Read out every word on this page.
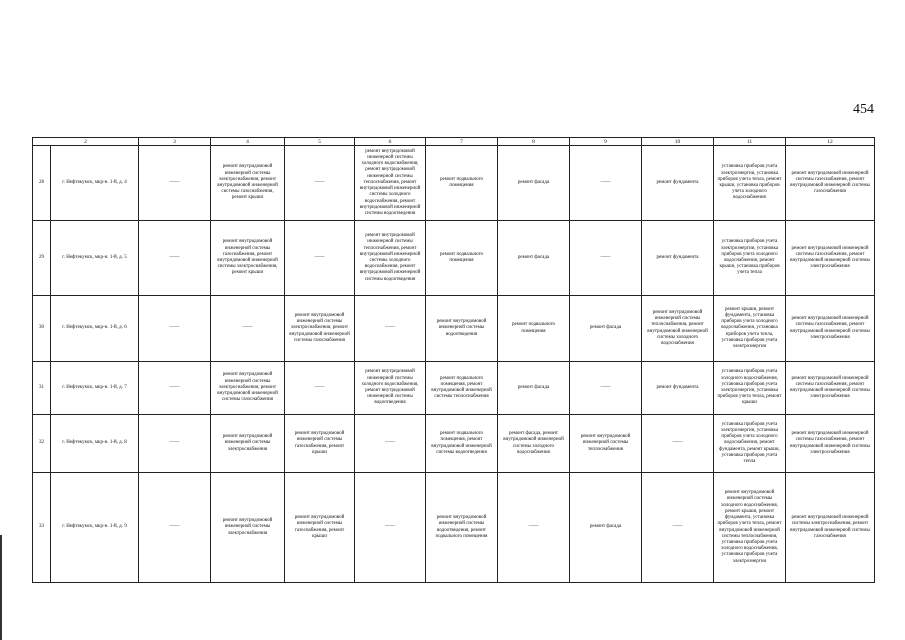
454
2		3	4	5	6	7	8	9	10	11	12
28	г. Нефтекумск, мкр-н. 1-й, д. 4	——	ремонт внутридомовой инженерной системы электроснабжения, ремонт внутридомовой инженерной системы газоснабжения, ремонт крыши	——	ремонт внутридомовой инженерной системы холодного водоснабжения, ремонт внутридомовой инженерной системы теплоснабжения, ремонт внутридомовой инженерной системы холодного водоснабжения, ремонт внутридомовой инженерной системы водоотведения	ремонт подвального помещения	ремонт фасада	——	ремонт фундамента	установка приборов учета электроэнергии, установка приборов учета тепла, ремонт крыши, установка приборов учета холодного водоснабжения	ремонт внутридомовой инженерной системы газоснабжения, ремонт внутридомовой инженерной системы газоснабжения
29	г. Нефтекумск, мкр-н. 1-й, д. 5	——	ремонт внутридомовой инженерной системы газоснабжения, ремонт внутридомовой инженерной системы электроснабжения, ремонт крыши	——	ремонт внутридомовой инженерной системы теплоснабжения, ремонт внутридомовой инженерной системы холодного водоснабжения, ремонт внутридомовой инженерной системы водоотведения	ремонт подвального помещения	ремонт фасада	——	ремонт фундамента	установка приборов учета электроэнергии, установка приборов учета холодного водоснабжения, ремонт крыши, установка приборов учета тепла	ремонт внутридомовой инженерной системы газоснабжения, ремонт внутридомовой инженерной системы электроснабжения
30	г. Нефтекумск, мкр-н. 1-й, д. 6	——	——	ремонт внутридомовой инженерной системы электроснабжения, ремонт внутридомовой инженерной системы газоснабжения	——	ремонт внутридомовой инженерной системы водоотведения	ремонт подвального помещения	ремонт фасада	ремонт внутридомовой инженерной системы теплоснабжения, ремонт внутридомовой инженерной системы холодного водоснабжения	ремонт крыши, ремонт фундамента, установка приборов учета холодного водоснабжения, установка приборов учета тепла, установка приборов учета электроэнергии	ремонт внутридомовой инженерной системы газоснабжения, ремонт внутридомовой инженерной системы электроснабжения
31	г. Нефтекумск, мкр-н. 1-й, д. 7	——	ремонт внутридомовой инженерной системы электроснабжения, ремонт внутридомовой инженерной системы газоснабжения	——	ремонт внутридомовой инженерной системы холодного водоснабжения, ремонт внутридомовой инженерной системы водоотведения	ремонт подвального помещения, ремонт внутридомовой инженерной системы теплоснабжения	ремонт фасада	——	ремонт фундамента	установка приборов учета холодного водоснабжения, установка приборов учета электроэнергии, установка приборов учета тепла, ремонт крыши	ремонт внутридомовой инженерной системы газоснабжения, ремонт внутридомовой инженерной системы электроснабжения
32	г. Нефтекумск, мкр-н. 1-й, д. 8	——	ремонт внутридомовой инженерной системы электроснабжения	ремонт внутридомовой инженерной системы газоснабжения, ремонт крыши	——	ремонт подвального помещения, ремонт внутридомовой инженерной системы водоотведения	ремонт фасада, ремонт внутридомовой инженерной системы холодного водоснабжения	ремонт внутридомовой инженерной системы теплоснабжения	——	установка приборов учета электроэнергии, установка приборов учета холодного водоснабжения, ремонт фундамента, ремонт крыши, установка приборов учета тепла	ремонт внутридомовой инженерной системы газоснабжения, ремонт внутридомовой инженерной системы электроснабжения
33	г. Нефтекумск, мкр-н. 1-й, д. 9	——	ремонт внутридомовой инженерной системы электроснабжения	ремонт внутридомовой инженерной системы газоснабжения, ремонт крыши	——	ремонт внутридомовой инженерной системы водоотведения, ремонт подвального помещения	——	ремонт фасада	——	ремонт внутридомовой инженерной системы холодного водоснабжения, ремонт крыши, ремонт фундамента, установка приборов учета тепла, ремонт внутридомовой инженерной системы теплоснабжения, установка приборов учета холодного водоснабжения, установка приборов учета электроэнергии	ремонт внутридомовой инженерной системы электроснабжения, ремонт внутридомовой инженерной системы газоснабжения
